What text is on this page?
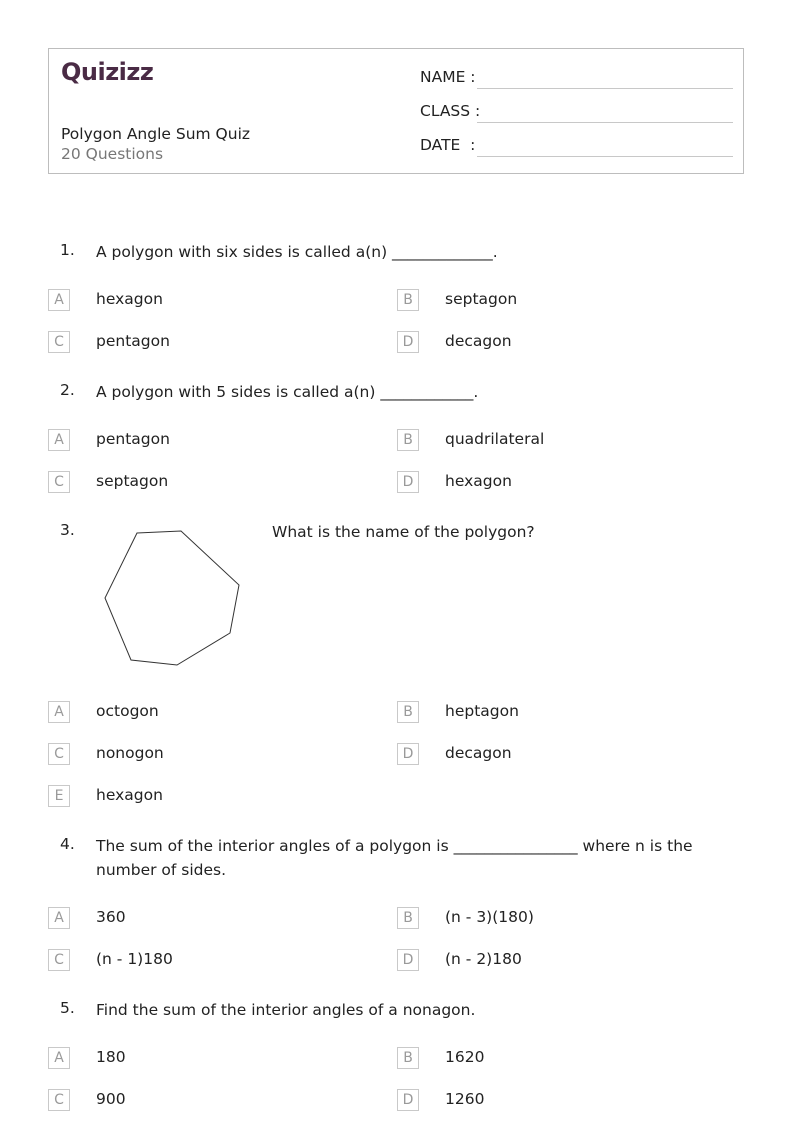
Quizizz
Polygon Angle Sum Quiz
20 Questions
NAME :
CLASS :
DATE  :
1. A polygon with six sides is called a(n) _____________.
A	hexagon	B	septagon
C	pentagon	D	decagon
2. A polygon with 5 sides is called a(n) ____________.
A	pentagon	B	quadrilateral
C	septagon	D	hexagon
3.	What is the name of the polygon?
A	octogon	B	heptagon
C	nonogon	D	decagon
E	hexagon
4. The sum of the interior angles of a polygon is ________________ where n is the number of sides.
A	360	B	(n - 3)(180)
C	(n - 1)180	D	(n - 2)180
5. Find the sum of the interior angles of a nonagon.
A	180	B	1620
C	900	D	1260
